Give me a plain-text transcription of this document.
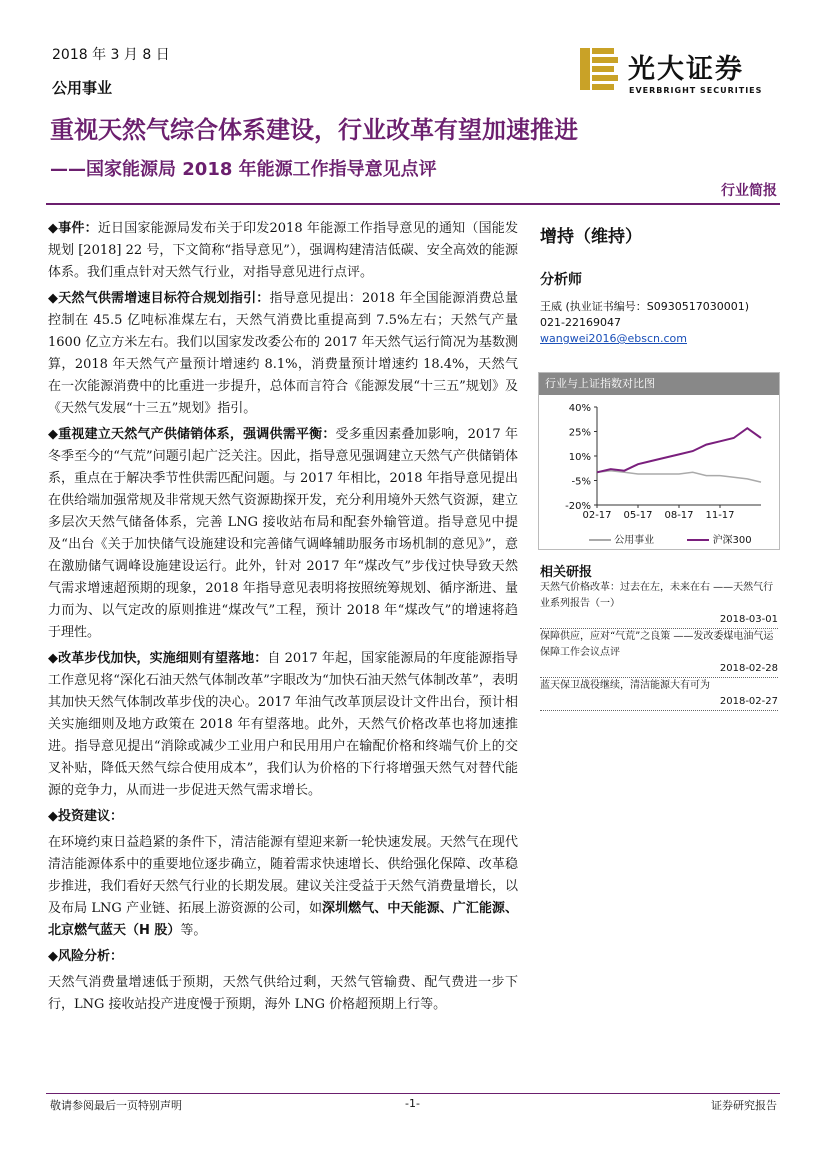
2018 年 3 月 8 日
公用事业
光大证券
EVERBRIGHT SECURITIES
重视天然气综合体系建设，行业改革有望加速推进
——国家能源局 2018 年能源工作指导意见点评
行业简报

◆事件：近日国家能源局发布关于印发2018 年能源工作指导意见的通知（国能发规划 [2018] 22 号，下文简称“指导意见”），强调构建清洁低碳、安全高效的能源体系。我们重点针对天然气行业，对指导意见进行点评。

◆天然气供需增速目标符合规划指引：指导意见提出：2018 年全国能源消费总量控制在 45.5 亿吨标准煤左右，天然气消费比重提高到 7.5%左右；天然气产量 1600 亿立方米左右。我们以国家发改委公布的 2017 年天然气运行简况为基数测算，2018 年天然气产量预计增速约 8.1%，消费量预计增速约 18.4%，天然气在一次能源消费中的比重进一步提升，总体而言符合《能源发展“十三五”规划》及《天然气发展“十三五”规划》指引。

◆重视建立天然气产供储销体系，强调供需平衡：受多重因素叠加影响，2017 年冬季至今的“气荒”问题引起广泛关注。因此，指导意见强调建立天然气产供储销体系，重点在于解决季节性供需匹配问题。与 2017 年相比，2018 年指导意见提出在供给端加强常规及非常规天然气资源勘探开发，充分利用境外天然气资源，建立多层次天然气储备体系，完善 LNG 接收站布局和配套外输管道。指导意见中提及“出台《关于加快储气设施建设和完善储气调峰辅助服务市场机制的意见》”，意在激励储气调峰设施建设运行。此外，针对 2017 年“煤改气”步伐过快导致天然气需求增速超预期的现象，2018 年指导意见表明将按照统筹规划、循序渐进、量力而为、以气定改的原则推进“煤改气”工程，预计 2018 年“煤改气”的增速将趋于理性。

◆改革步伐加快，实施细则有望落地：自 2017 年起，国家能源局的年度能源指导工作意见将“深化石油天然气体制改革”字眼改为“加快石油天然气体制改革”，表明其加快天然气体制改革步伐的决心。2017 年油气改革顶层设计文件出台，预计相关实施细则及地方政策在 2018 年有望落地。此外，天然气价格改革也将加速推进。指导意见提出“消除或减少工业用户和民用用户在输配价格和终端气价上的交叉补贴，降低天然气综合使用成本”，我们认为价格的下行将增强天然气对替代能源的竞争力，从而进一步促进天然气需求增长。

◆投资建议：

在环境约束日益趋紧的条件下，清洁能源有望迎来新一轮快速发展。天然气在现代清洁能源体系中的重要地位逐步确立，随着需求快速增长、供给强化保障、改革稳步推进，我们看好天然气行业的长期发展。建议关注受益于天然气消费量增长，以及布局 LNG 产业链、拓展上游资源的公司，如深圳燃气、中天能源、广汇能源、北京燃气蓝天（H 股）等。

◆风险分析：

天然气消费量增速低于预期，天然气供给过剩，天然气管输费、配气费进一步下行，LNG 接收站投产进度慢于预期，海外 LNG 价格超预期上行等。

增持（维持）
分析师
王威 (执业证书编号：S0930517030001)
021-22169047
wangwei2016@ebscn.com
行业与上证指数对比图
40%
25%
10%
-5%
-20%
02-17 05-17 08-17 11-17
公用事业	沪深300
相关研报
天然气价格改革：过去在左，未来在右 ——天然气行业系列报告（一）
2018-03-01
保障供应，应对“气荒”之良策 ——发改委煤电油气运保障工作会议点评
2018-02-28
蓝天保卫战役继续，清洁能源大有可为
2018-02-27
敬请参阅最后一页特别声明	-1-	证券研究报告
